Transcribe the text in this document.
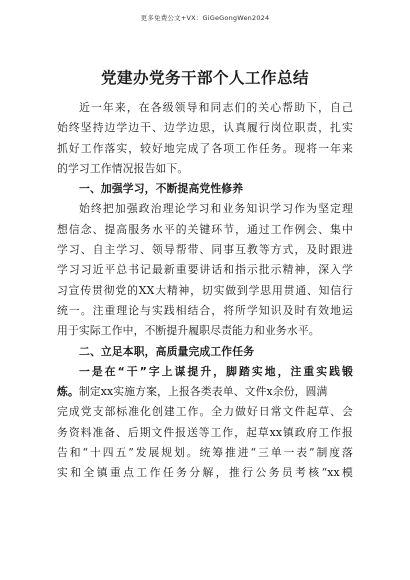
更多免费公文+VX：GiGeGongWen2024
党建办党务干部个人工作总结
近一年来，在各级领导和同志们的关心帮助下，自己
始终坚持边学边干、边学边思，认真履行岗位职责，扎实
抓好工作落实，较好地完成了各项工作任务。现将一年来
的学习工作情况报告如下。
一、加强学习，不断提高党性修养
始终把加强政治理论学习和业务知识学习作为坚定理
想信念、提高服务水平的关键环节，通过工作例会、集中
学习、自主学习、领导帮带、同事互教等方式，及时跟进
学习习近平总书记最新重要讲话和指示批示精神，深入学
习宣传贯彻党的XX大精神，切实做到学思用贯通、知信行
统一。注重理论与实践相结合，将所学知识及时有效地运
用于实际工作中，不断提升履职尽责能力和业务水平。
二、立足本职，高质量完成工作任务
一是在“干”字上谋提升，脚踏实地，注重实践锻
炼。制定xx实施方案，上报各类表单、文件x余份，圆满
完成党支部标准化创建工作。全力做好日常文件起草、会
务资料准备、后期文件报送等工作，起草xx镇政府工作报
告和“十四五”发展规划。统筹推进“三单一表”制度落
实和全镇重点工作任务分解，推行公务员考核“xx模
